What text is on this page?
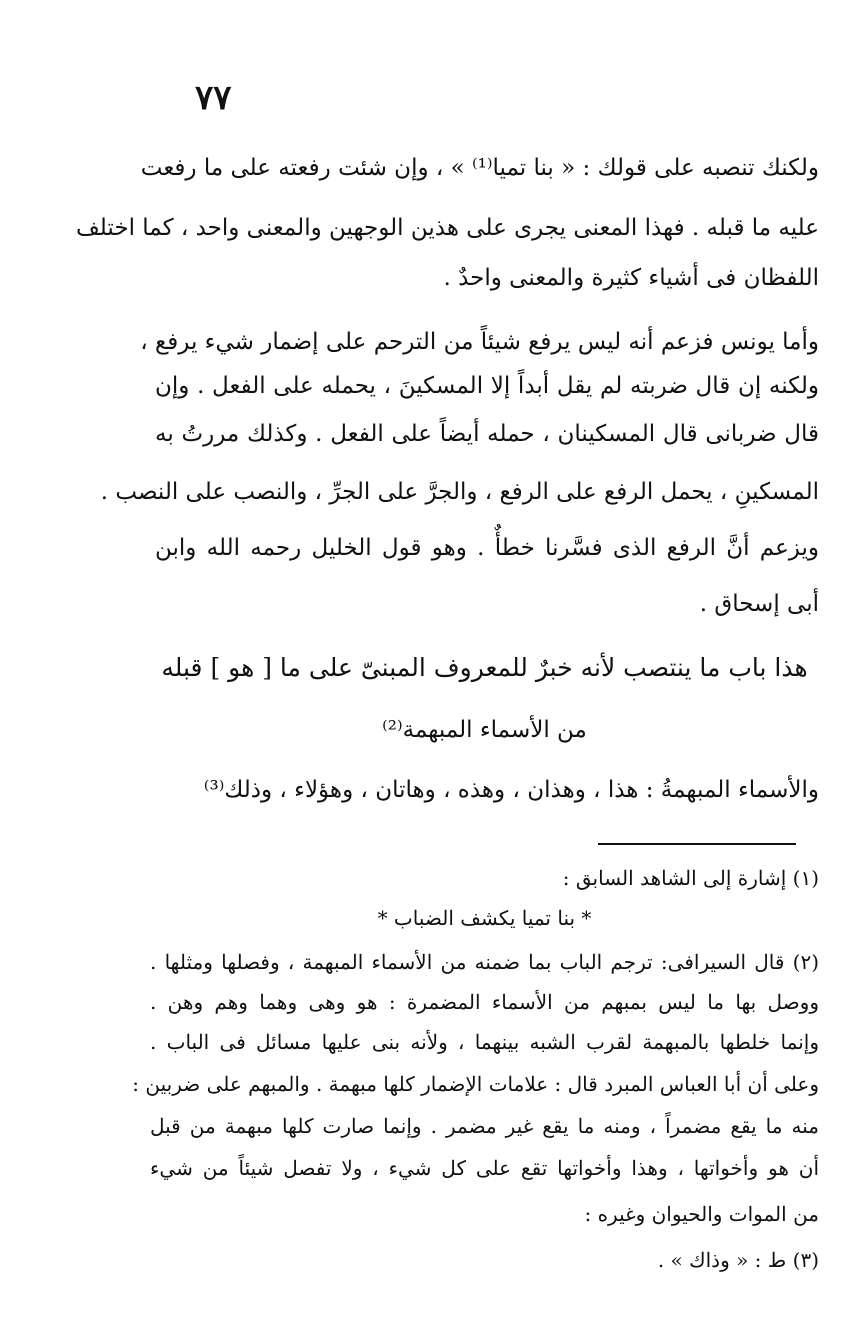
٧٧
ولكنك تنصبه على قولك : « بنا تميا⁽¹⁾ » ، وإن شئت رفعته على ما رفعت
عليه ما قبله . فهذا المعنى يجرى على هذين الوجهين والمعنى واحد ، كما اختلف
اللفظان فى أشياء كثيرة والمعنى واحدٌ .
وأما يونس فزعم أنه ليس يرفع شيئاً من الترحم على إضمار شيء يرفع ،
ولكنه إن قال ضربته لم يقل أبداً إلا المسكينَ ، يحمله على الفعل . وإن
قال ضربانى قال المسكينان ، حمله أيضاً على الفعل . وكذلك مررتُ به
المسكينِ ، يحمل الرفع على الرفع ، والجرَّ على الجرِّ ، والنصب على النصب .
ويزعم أنَّ الرفع الذى فسَّرنا خطأٌ . وهو قول الخليل رحمه الله وابن
أبى إسحاق .
هذا باب ما ينتصب لأنه خبرٌ للمعروف المبنىّ على ما [ هو ] قبله
من الأسماء المبهمة⁽²⁾
والأسماء المبهمةُ : هذا ، وهذان ، وهذه ، وهاتان ، وهؤلاء ، وذلك⁽³⁾
(١) إشارة إلى الشاهد السابق :
* بنا تميا يكشف الضباب *
(٢) قال السيرافى: ترجم الباب بما ضمنه من الأسماء المبهمة ، وفصلها ومثلها .
ووصل بها ما ليس بمبهم من الأسماء المضمرة : هو وهى وهما وهم وهن .
وإنما خلطها بالمبهمة لقرب الشبه بينهما ، ولأنه بنى عليها مسائل فى الباب .
وعلى أن أبا العباس المبرد قال : علامات الإضمار كلها مبهمة . والمبهم على ضربين :
منه ما يقع مضمراً ، ومنه ما يقع غير مضمر . وإنما صارت كلها مبهمة من قبل
أن هو وأخواتها ، وهذا وأخواتها تقع على كل شيء ، ولا تفصل شيئاً من شيء
من الموات والحيوان وغيره :
(٣) ط : « وذاك » .
